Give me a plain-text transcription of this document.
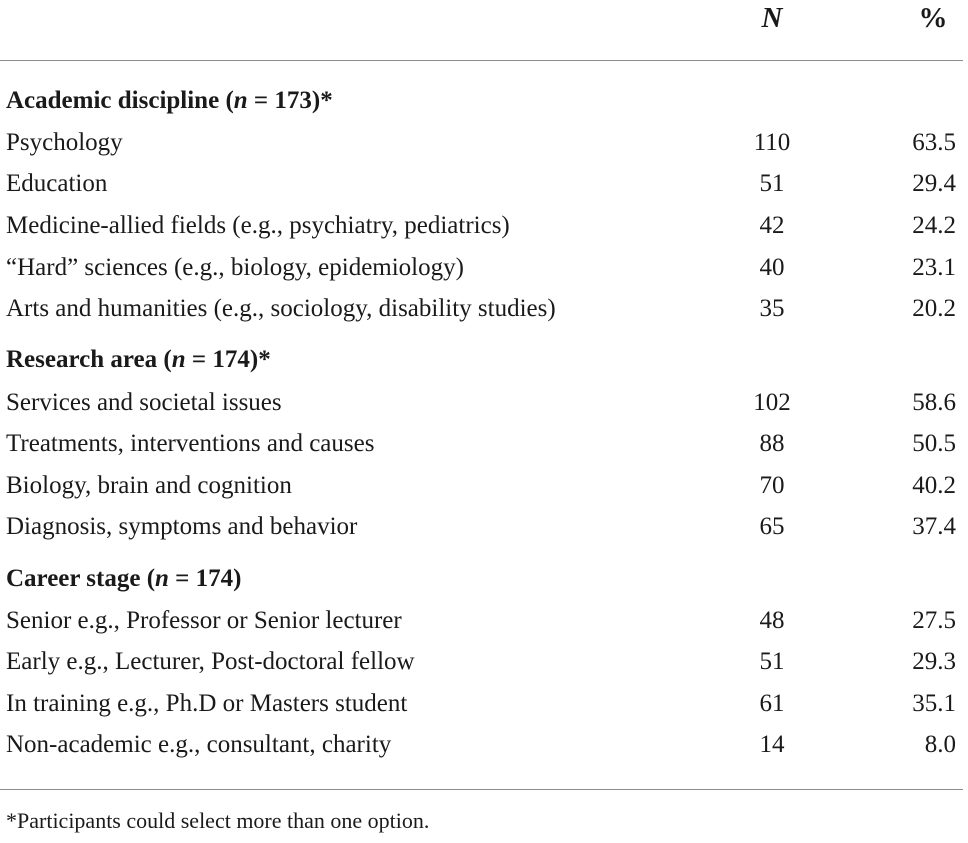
N	%
Academic discipline (n = 173)*
Psychology	110	63.5
Education	51	29.4
Medicine-allied fields (e.g., psychiatry, pediatrics)	42	24.2
“Hard” sciences (e.g., biology, epidemiology)	40	23.1
Arts and humanities (e.g., sociology, disability studies)	35	20.2
Research area (n = 174)*
Services and societal issues	102	58.6
Treatments, interventions and causes	88	50.5
Biology, brain and cognition	70	40.2
Diagnosis, symptoms and behavior	65	37.4
Career stage (n = 174)
Senior e.g., Professor or Senior lecturer	48	27.5
Early e.g., Lecturer, Post-doctoral fellow	51	29.3
In training e.g., Ph.D or Masters student	61	35.1
Non-academic e.g., consultant, charity	14	8.0
*Participants could select more than one option.
